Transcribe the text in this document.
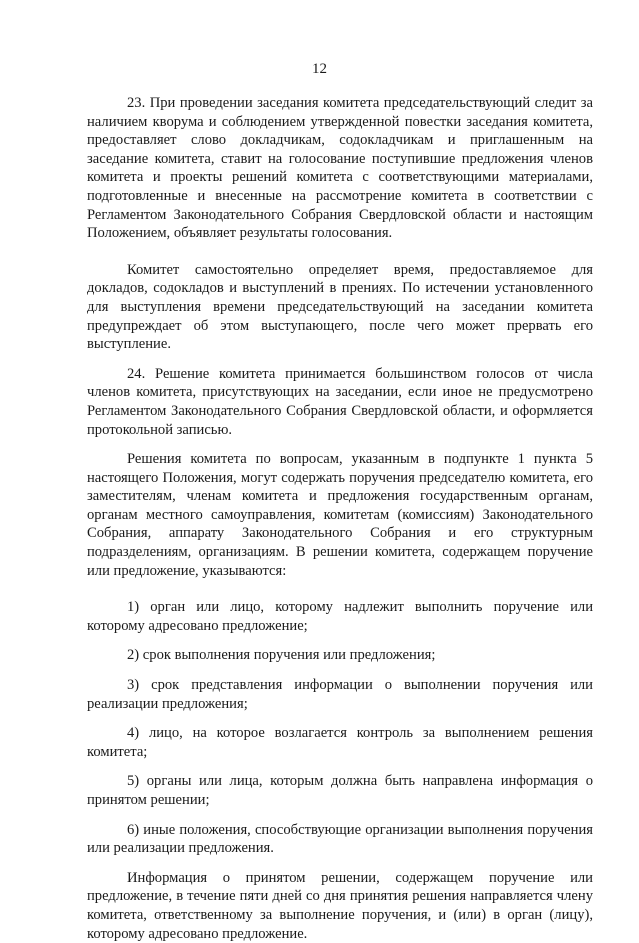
12

23. При проведении заседания комитета председательствующий следит за наличием кворума и соблюдением утвержденной повестки заседания комитета, предоставляет слово докладчикам, содокладчикам и приглашенным на заседание комитета, ставит на голосование поступившие предложения членов комитета и проекты решений комитета с соответствующими материалами, подготовленные и внесенные на рассмотрение комитета в соответствии с Регламентом Законодательного Собрания Свердловской области и настоящим Положением, объявляет результаты голосования.

Комитет самостоятельно определяет время, предоставляемое для докладов, содокладов и выступлений в прениях. По истечении установленного для выступления времени председательствующий на заседании комитета предупреждает об этом выступающего, после чего может прервать его выступление.

24. Решение комитета принимается большинством голосов от числа членов комитета, присутствующих на заседании, если иное не предусмотрено Регламентом Законодательного Собрания Свердловской области, и оформляется протокольной записью.

Решения комитета по вопросам, указанным в подпункте 1 пункта 5 настоящего Положения, могут содержать поручения председателю комитета, его заместителям, членам комитета и предложения государственным органам, органам местного самоуправления, комитетам (комиссиям) Законодательного Собрания, аппарату Законодательного Собрания и его структурным подразделениям, организациям. В решении комитета, содержащем поручение или предложение, указываются:

1) орган или лицо, которому надлежит выполнить поручение или которому адресовано предложение;

2) срок выполнения поручения или предложения;

3) срок представления информации о выполнении поручения или реализации предложения;

4) лицо, на которое возлагается контроль за выполнением решения комитета;

5) органы или лица, которым должна быть направлена информация о принятом решении;

6) иные положения, способствующие организации выполнения поручения или реализации предложения.

Информация о принятом решении, содержащем поручение или предложение, в течение пяти дней со дня принятия решения направляется члену комитета, ответственному за выполнение поручения, и (или) в орган (лицу), которому адресовано предложение.
